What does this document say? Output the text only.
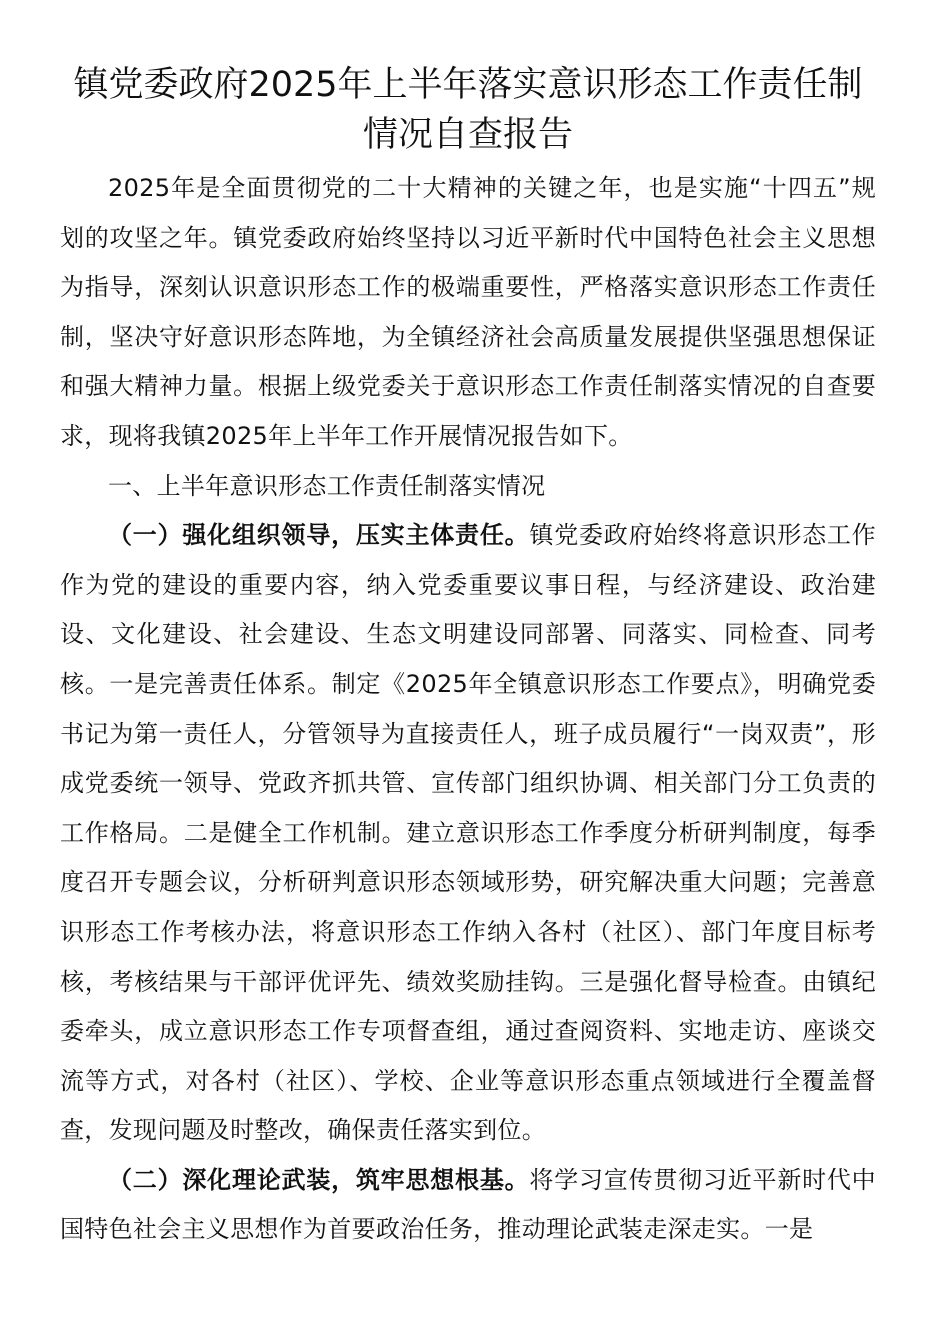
镇党委政府2025年上半年落实意识形态工作责任制
情况自查报告

2025年是全面贯彻党的二十大精神的关键之年，也是实施“十四五”规划的攻坚之年。镇党委政府始终坚持以习近平新时代中国特色社会主义思想为指导，深刻认识意识形态工作的极端重要性，严格落实意识形态工作责任制，坚决守好意识形态阵地，为全镇经济社会高质量发展提供坚强思想保证和强大精神力量。根据上级党委关于意识形态工作责任制落实情况的自查要求，现将我镇2025年上半年工作开展情况报告如下。

一、上半年意识形态工作责任制落实情况

（一）强化组织领导，压实主体责任。镇党委政府始终将意识形态工作作为党的建设的重要内容，纳入党委重要议事日程，与经济建设、政治建设、文化建设、社会建设、生态文明建设同部署、同落实、同检查、同考核。一是完善责任体系。制定《2025年全镇意识形态工作要点》，明确党委书记为第一责任人，分管领导为直接责任人，班子成员履行“一岗双责”，形成党委统一领导、党政齐抓共管、宣传部门组织协调、相关部门分工负责的工作格局。二是健全工作机制。建立意识形态工作季度分析研判制度，每季度召开专题会议，分析研判意识形态领域形势，研究解决重大问题；完善意识形态工作考核办法，将意识形态工作纳入各村（社区）、部门年度目标考核，考核结果与干部评优评先、绩效奖励挂钩。三是强化督导检查。由镇纪委牵头，成立意识形态工作专项督查组，通过查阅资料、实地走访、座谈交流等方式，对各村（社区）、学校、企业等意识形态重点领域进行全覆盖督查，发现问题及时整改，确保责任落实到位。

（二）深化理论武装，筑牢思想根基。将学习宣传贯彻习近平新时代中国特色社会主义思想作为首要政治任务，推动理论武装走深走实。一是
